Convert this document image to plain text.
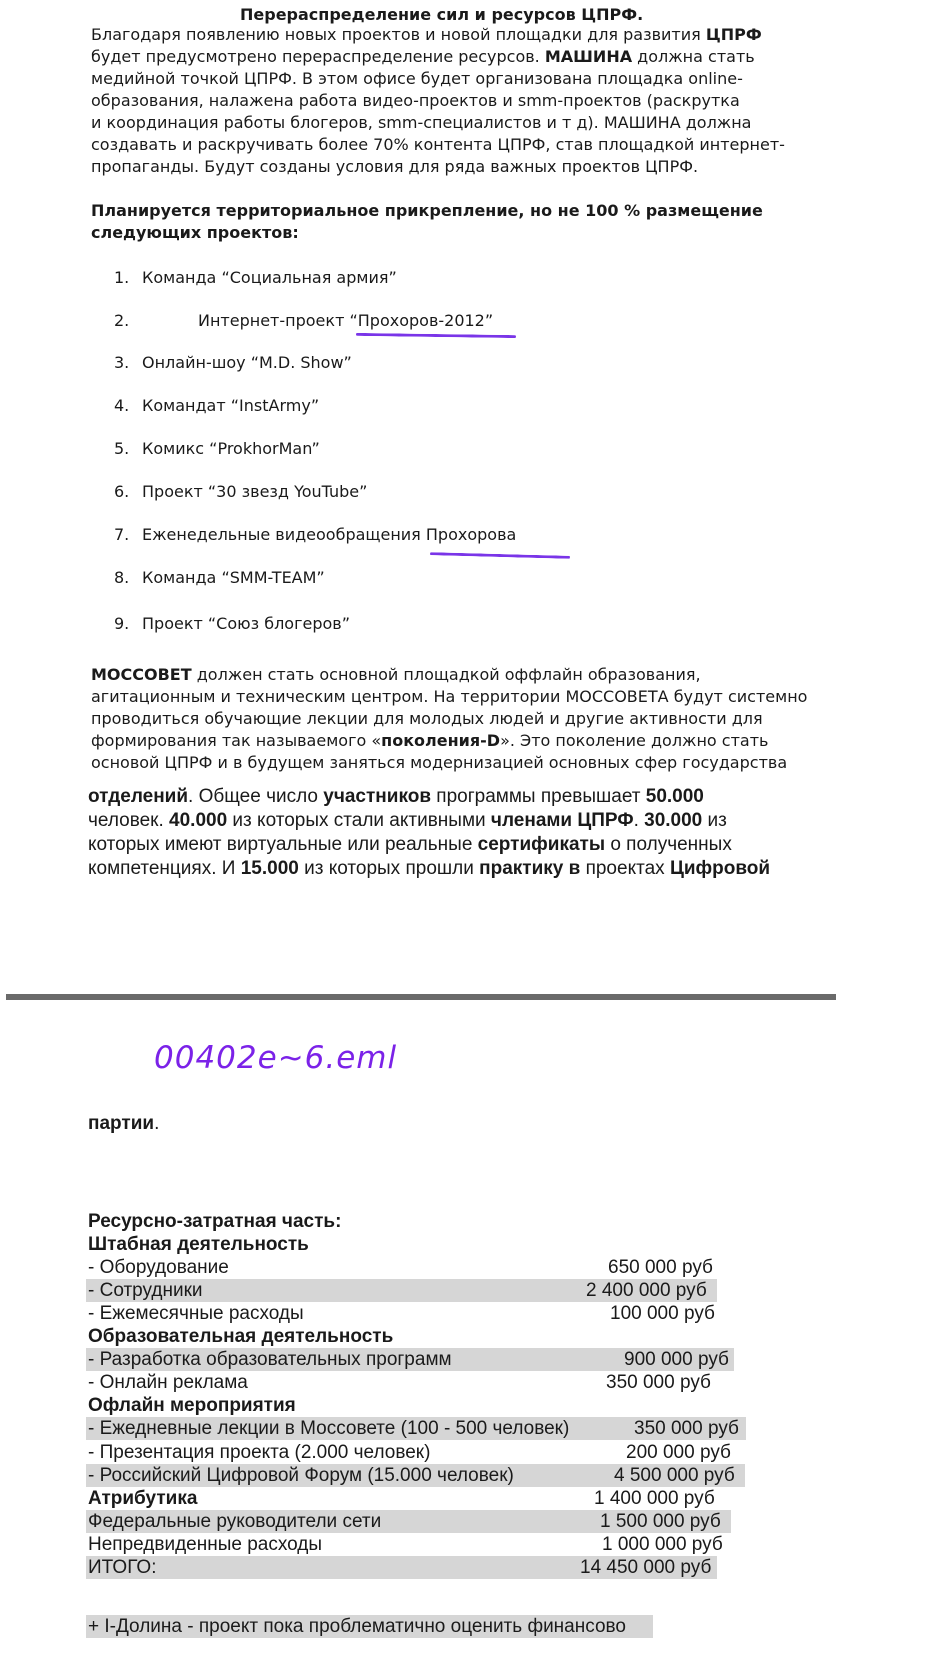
Перераспределение сил и ресурсов ЦПРФ.
Благодаря появлению новых проектов и новой площадки для развития ЦПРФ
будет предусмотрено перераспределение ресурсов. МАШИНА должна стать
медийной точкой ЦПРФ. В этом офисе будет организована площадка online-
образования, налажена работа видео-проектов и smm-проектов (раскрутка
и координация работы блогеров, smm-специалистов и т д). МАШИНА должна
создавать и раскручивать более 70% контента ЦПРФ, став площадкой интернет-
пропаганды. Будут созданы условия для ряда важных проектов ЦПРФ.
Планируется территориальное прикрепление, но не 100 % размещение
следующих проектов:
1. Команда “Социальная армия”
2.	Интернет-проект “Прохоров-2012”
3. Онлайн-шоу “M.D. Show”
4. Командат “InstArmy”
5. Комикс “ProkhorMan”
6. Проект “30 звезд YouTube”
7. Еженедельные видеообращения Прохорова
8. Команда “SMM-TEAM”
9. Проект “Союз блогеров”
МОССОВЕТ должен стать основной площадкой оффлайн образования,
агитационным и техническим центром. На территории МОССОВЕТА будут системно
проводиться обучающие лекции для молодых людей и другие активности для
формирования так называемого «поколения-D». Это поколение должно стать
основой ЦПРФ и в будущем заняться модернизацией основных сфер государства
отделений. Общее число участников программы превышает 50.000
человек. 40.000 из которых стали активными членами ЦПРФ. 30.000 из
которых имеют виртуальные или реальные сертификаты о полученных
компетенциях. И 15.000 из которых прошли практику в проектах Цифровой
00402e~6.eml
партии.
Ресурсно-затратная часть:
Штабная деятельность
- Оборудование	650 000 руб
- Сотрудники	2 400 000 руб
- Ежемесячные расходы	100 000 руб
Образовательная деятельность
- Разработка образовательных программ	900 000 руб
- Онлайн реклама	350 000 руб
Офлайн мероприятия
- Ежедневные лекции в Моссовете (100 - 500 человек)	350 000 руб
- Презентация проекта (2.000 человек)	200 000 руб
- Российский Цифровой Форум (15.000 человек)	4 500 000 руб
Атрибутика	1 400 000 руб
Федеральные руководители сети	1 500 000 руб
Непредвиденные расходы	1 000 000 руб
ИТОГО:	14 450 000 руб
+ I-Долина - проект пока проблематично оценить финансово
